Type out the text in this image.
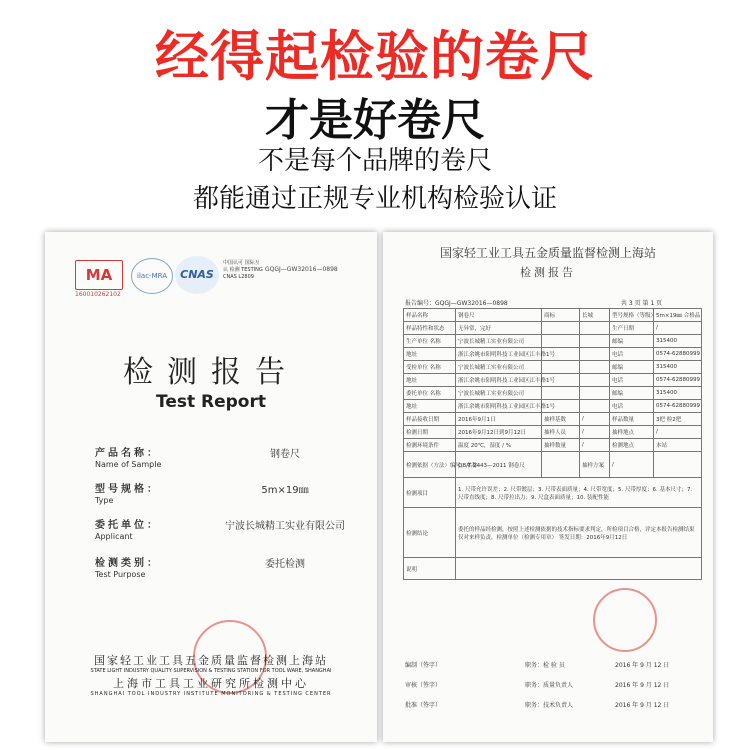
经得起检验的卷尺
才是好卷尺
不是每个品牌的卷尺
都能通过正规专业机构检验认证
MA
160010262102
ilac-MRA	CNAS
中国认可 国际互认 检测 TESTING CNAS L2809
GQGJ—GW32016—0898
检测报告
Test Report
产品名称：
Name of Sample
钢卷尺
型号规格：
Type
5m×19㎜
委托单位：
Applicant
宁波长城精工实业有限公司
检测类别：
Test Purpose
委托检测
国家轻工业工具五金质量监督检测上海站
STATE LIGHT INDUSTRY QUALITY SUPERVISION & TESTING STATION FOR TOOL WARE, SHANGHAI
上海市工具工业研究所检测中心
SHANGHAI TOOL INDUSTRY INSTITUTE MONITORING & TESTING CENTER
国家轻工业工具五金质量监督检测上海站
检测报告
报告编号：GQGJ—GW32016—0898	共 3 页 第 1 页
样品名称	钢卷尺	商标	长城	型号规格（等级）	5m×19㎜ 合格品
样品特性和状态	无异常，完好			生产日期	/
生产单位 名称	宁波长城精工实业有限公司			邮编	315400
地址	浙江余姚市阳明科技工业园区江丰路1号			电话	0574-62880999
受检单位 名称	宁波长城精工实业有限公司			邮编	315400
地址	浙江余姚市阳明科技工业园区江丰路1号			电话	0574-62880999
委托单位 名称	宁波长城精工实业有限公司			邮编	315400
地址	浙江余姚市阳明科技工业园区江丰路1号			电话	0574-62880999
样品接收日期	2016年9月1日	抽样基数	/	样品数量	3把 检2把
检测日期	2016年9月12日到9月12日	抽样人员	/	抽样地点	/
检测环境条件	温度 20℃，湿度 / %	抽样数量	/	检测地点	本站
检测依据（方法）编号、名称	QB/T 2443—2011 钢卷尺		抽样方案	/	
检测项目	1. 尺带允许误差；2. 尺带镀层；3. 尺带表面质量；4. 尺带宽度；5. 尺带厚度；6. 基本尺寸；7. 尺带直线度；8. 尺带拉出力；9. 尺盒表面质量；10. 装配性能				
检测结论	委托的样品经检测，按照上述检测依据的技术指标要求判定，所检项目合格，评定本报告检测结果仅对来样负责。检测单位（检测专用章） 签发日期：2016年9月12日				
说明					
编制（签字）	职务：检 验 员	2016 年 9 月 12 日
审核（签字）	职务：质量负责人	2016 年 9 月 12 日
批准（签字）	职务：技术负责人	2016 年 9 月 12 日
